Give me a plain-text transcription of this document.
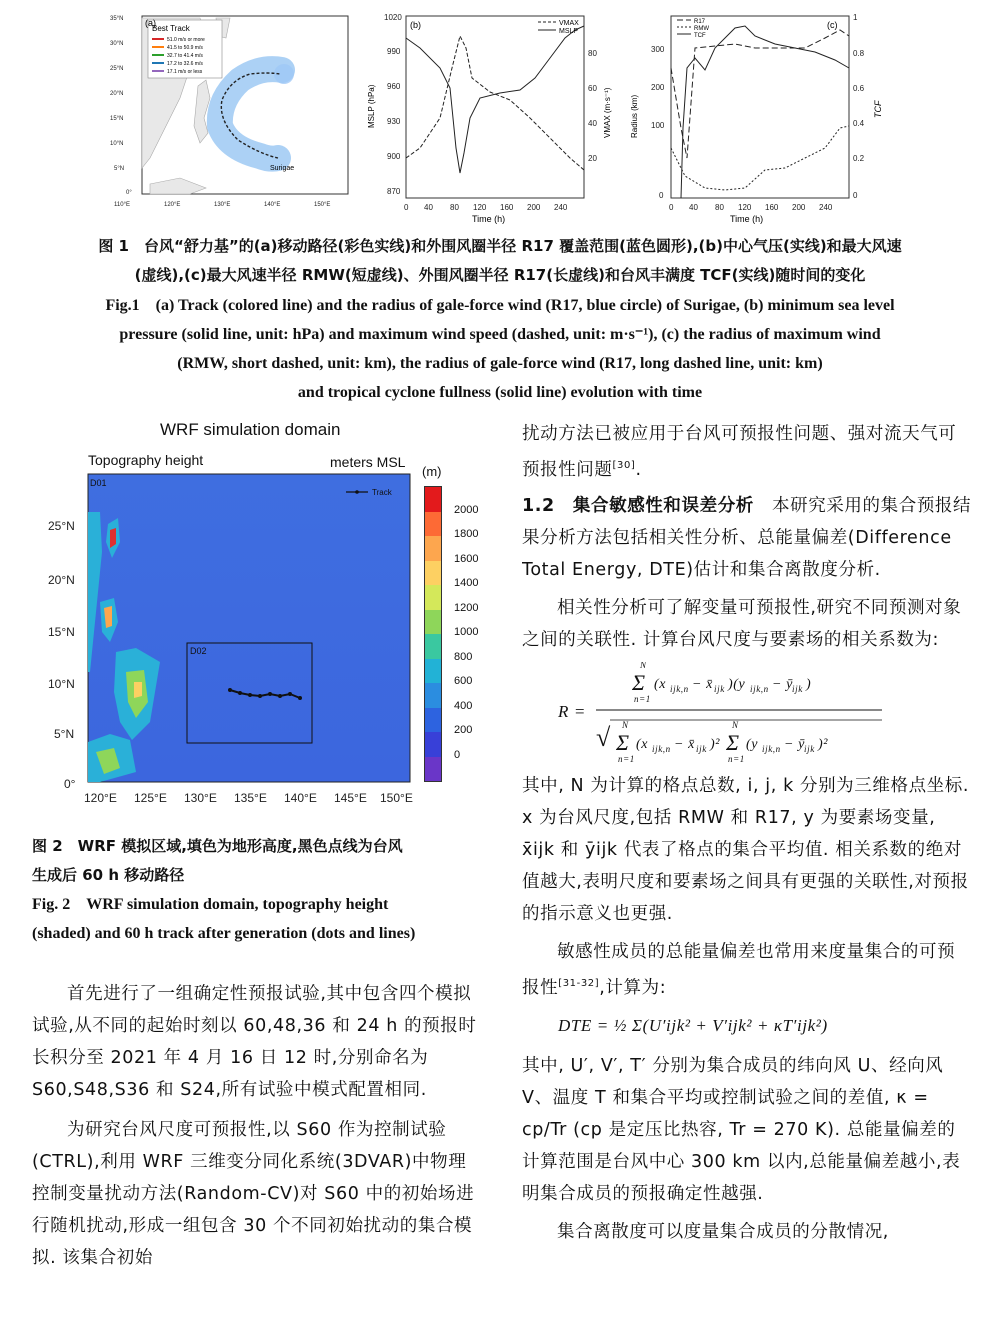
Best Track
51.0 m/s or more
41.5 to 50.9 m/s
32.7 to 41.4 m/s
17.2 to 32.6 m/s
17.1 m/s or less
(a)
Surigae
35°N
30°N
25°N
20°N
15°N
10°N
5°N
0°
110°E	120°E	130°E	140°E	150°E
VMAX
MSLP
(b)
MSLP (hPa)	VMAX (m·s⁻¹)
Time (h)
1020
990
960
930
900
870
80
60
40
20
0 40 80 120 160 200 240
R17
RMW
TCF
(c)
Radius (km)	TCF
Time (h)
300
200
100
0
1
0.8
0.6
0.4
0.2
0
0 40 80 120 160 200 240
图 1　台风“舒力基”的(a)移动路径(彩色实线)和外围风圈半径 R17 覆盖范围(蓝色圆形),(b)中心气压(实线)和最大风速
(虚线),(c)最大风速半径 RMW(短虚线)、外围风圈半径 R17(长虚线)和台风丰满度 TCF(实线)随时间的变化
Fig.1　(a) Track (colored line) and the radius of gale-force wind (R17, blue circle) of Surigae, (b) minimum sea level
pressure (solid line, unit: hPa) and maximum wind speed (dashed, unit: m·s⁻¹), (c) the radius of maximum wind
(RMW, short dashed, unit: km), the radius of gale-force wind (R17, long dashed line, unit: km)
and tropical cyclone fullness (solid line) evolution with time
WRF simulation domain
Topography height	meters MSL
D01
D02
Track
25°N
20°N
15°N
10°N
5°N
0°
120°E 125°E 130°E 135°E 140°E 145°E 150°E
(m)
2000
1800
1600
1400
1200
1000
800
600
400
200
0
图 2　WRF 模拟区域,填色为地形高度,黑色点线为台风
生成后 60 h 移动路径
Fig. 2　WRF simulation domain, topography height
(shaded) and 60 h track after generation (dots and lines)

首先进行了一组确定性预报试验,其中包含四个模拟试验,从不同的起始时刻以 60,48,36 和 24 h 的预报时长积分至 2021 年 4 月 16 日 12 时,分别命名为 S60,S48,S36 和 S24,所有试验中模式配置相同.

为研究台风尺度可预报性,以 S60 作为控制试验(CTRL),利用 WRF 三维变分同化系统(3DVAR)中物理控制变量扰动方法(Random-CV)对 S60 中的初始场进行随机扰动,形成一组包含 30 个不同初始扰动的集合模拟. 该集合初始

扰动方法已被应用于台风可预报性问题、强对流天气可预报性问题[30].

1.2　集合敏感性和误差分析　 本研究采用的集合预报结果分析方法包括相关性分析、总能量偏差(Difference Total Energy, DTE)估计和集合离散度分析.

相关性分析可了解变量可预报性,研究不同预测对象之间的关联性. 计算台风尺度与要素场的相关系数为:

R =
N
Σ
n=1
(x ijk,n − x̄ ijk )(y ijk,n − ȳ ijk )
√ N
Σ
n=1
(x ijk,n − x̄ ijk )²
N
Σ
n=1
(y ijk,n − ȳ ijk )²

其中, N 为计算的格点总数, i, j, k 分别为三维格点坐标. x 为台风尺度,包括 RMW 和 R17, y 为要素场变量, x̄ijk 和 ȳijk 代表了格点的集合平均值. 相关系数的绝对值越大,表明尺度和要素场之间具有更强的关联性,对预报的指示意义也更强.

敏感性成员的总能量偏差也常用来度量集合的可预报性[31-32],计算为:

DTE = ½ Σ(U′ijk² + V′ijk² + κT′ijk²)

其中, U′, V′, T′ 分别为集合成员的纬向风 U、经向风 V、温度 T 和集合平均或控制试验之间的差值, κ = cp/Tr (cp 是定压比热容, Tr = 270 K). 总能量偏差的计算范围是台风中心 300 km 以内,总能量偏差越小,表明集合成员的预报确定性越强.

集合离散度可以度量集合成员的分散情况,
